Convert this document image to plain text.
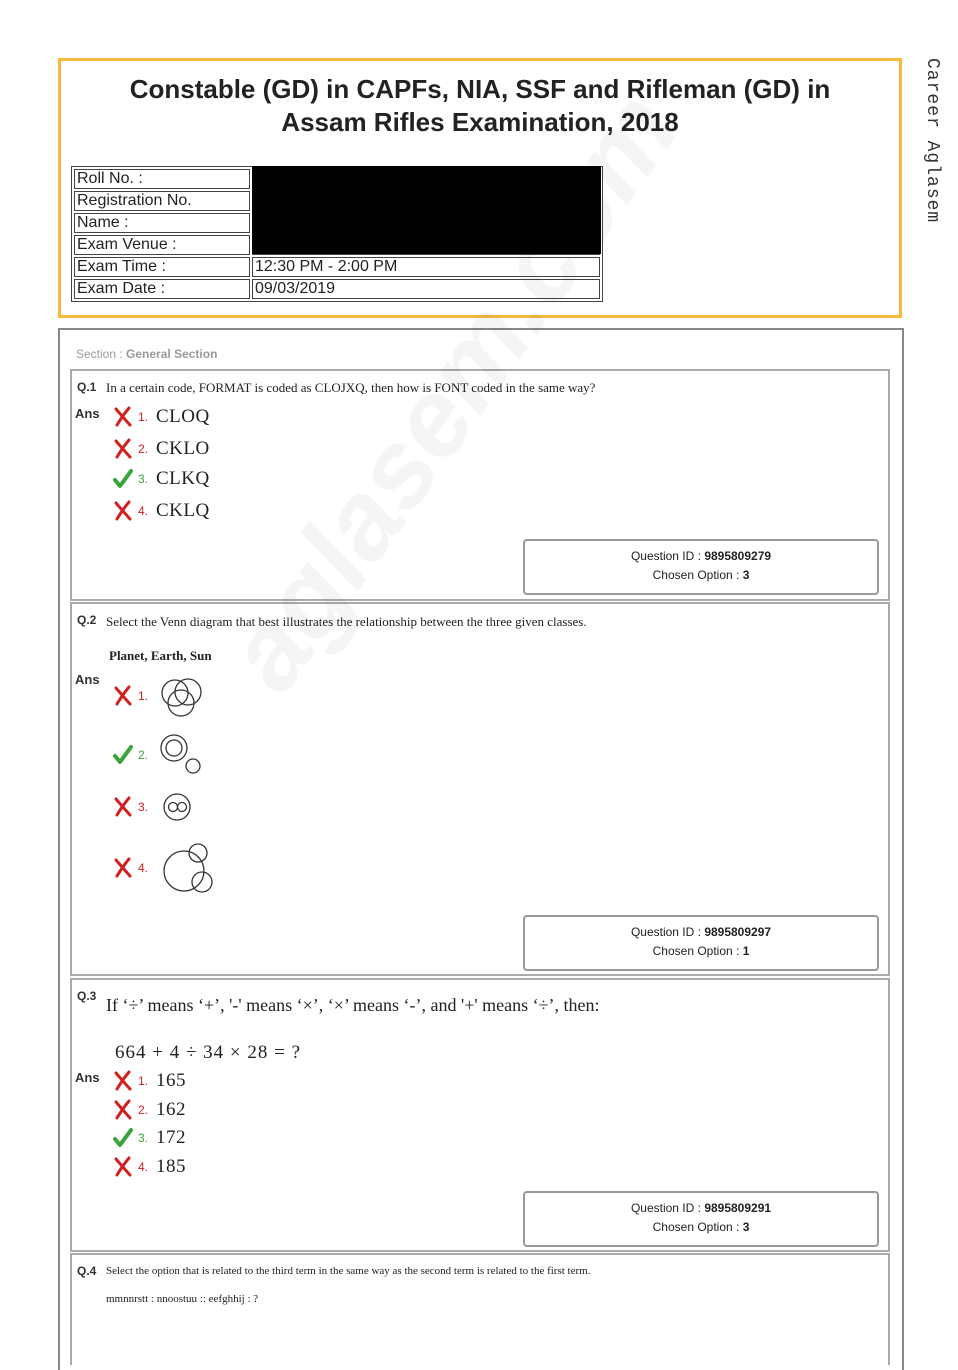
Career Aglasem
Constable (GD) in CAPFs, NIA, SSF and Rifleman (GD) in
Assam Rifles Examination, 2018
Roll No. :	
Registration No.	
Name :	
Exam Venue :	
Exam Time :	12:30 PM - 2:00 PM
Exam Date :	09/03/2019
Section : General Section
Q.1 In a certain code, FORMAT is coded as CLOJXQ, then how is FONT coded in the same way?
Ans	1. CLOQ
2. CKLO
3. CLKQ
4. CKLQ
Question ID : 9895809279
Chosen Option : 3
Q.2 Select the Venn diagram that best illustrates the relationship between the three given classes.
Planet, Earth, Sun
Ans
1.
2.
3.
4.
Question ID : 9895809297
Chosen Option : 1
Q.3 If ‘÷’ means ‘+’, '-' means ‘×’, ‘×’ means ‘-’, and '+' means ‘÷’, then:
664 + 4 ÷ 34 × 28 = ?
Ans	1. 165
2. 162
3. 172
4. 185
Question ID : 9895809291
Chosen Option : 3
Q.4 Select the option that is related to the third term in the same way as the second term is related to the first term.
mmnnrstt : nnoostuu :: eefghhij : ?
